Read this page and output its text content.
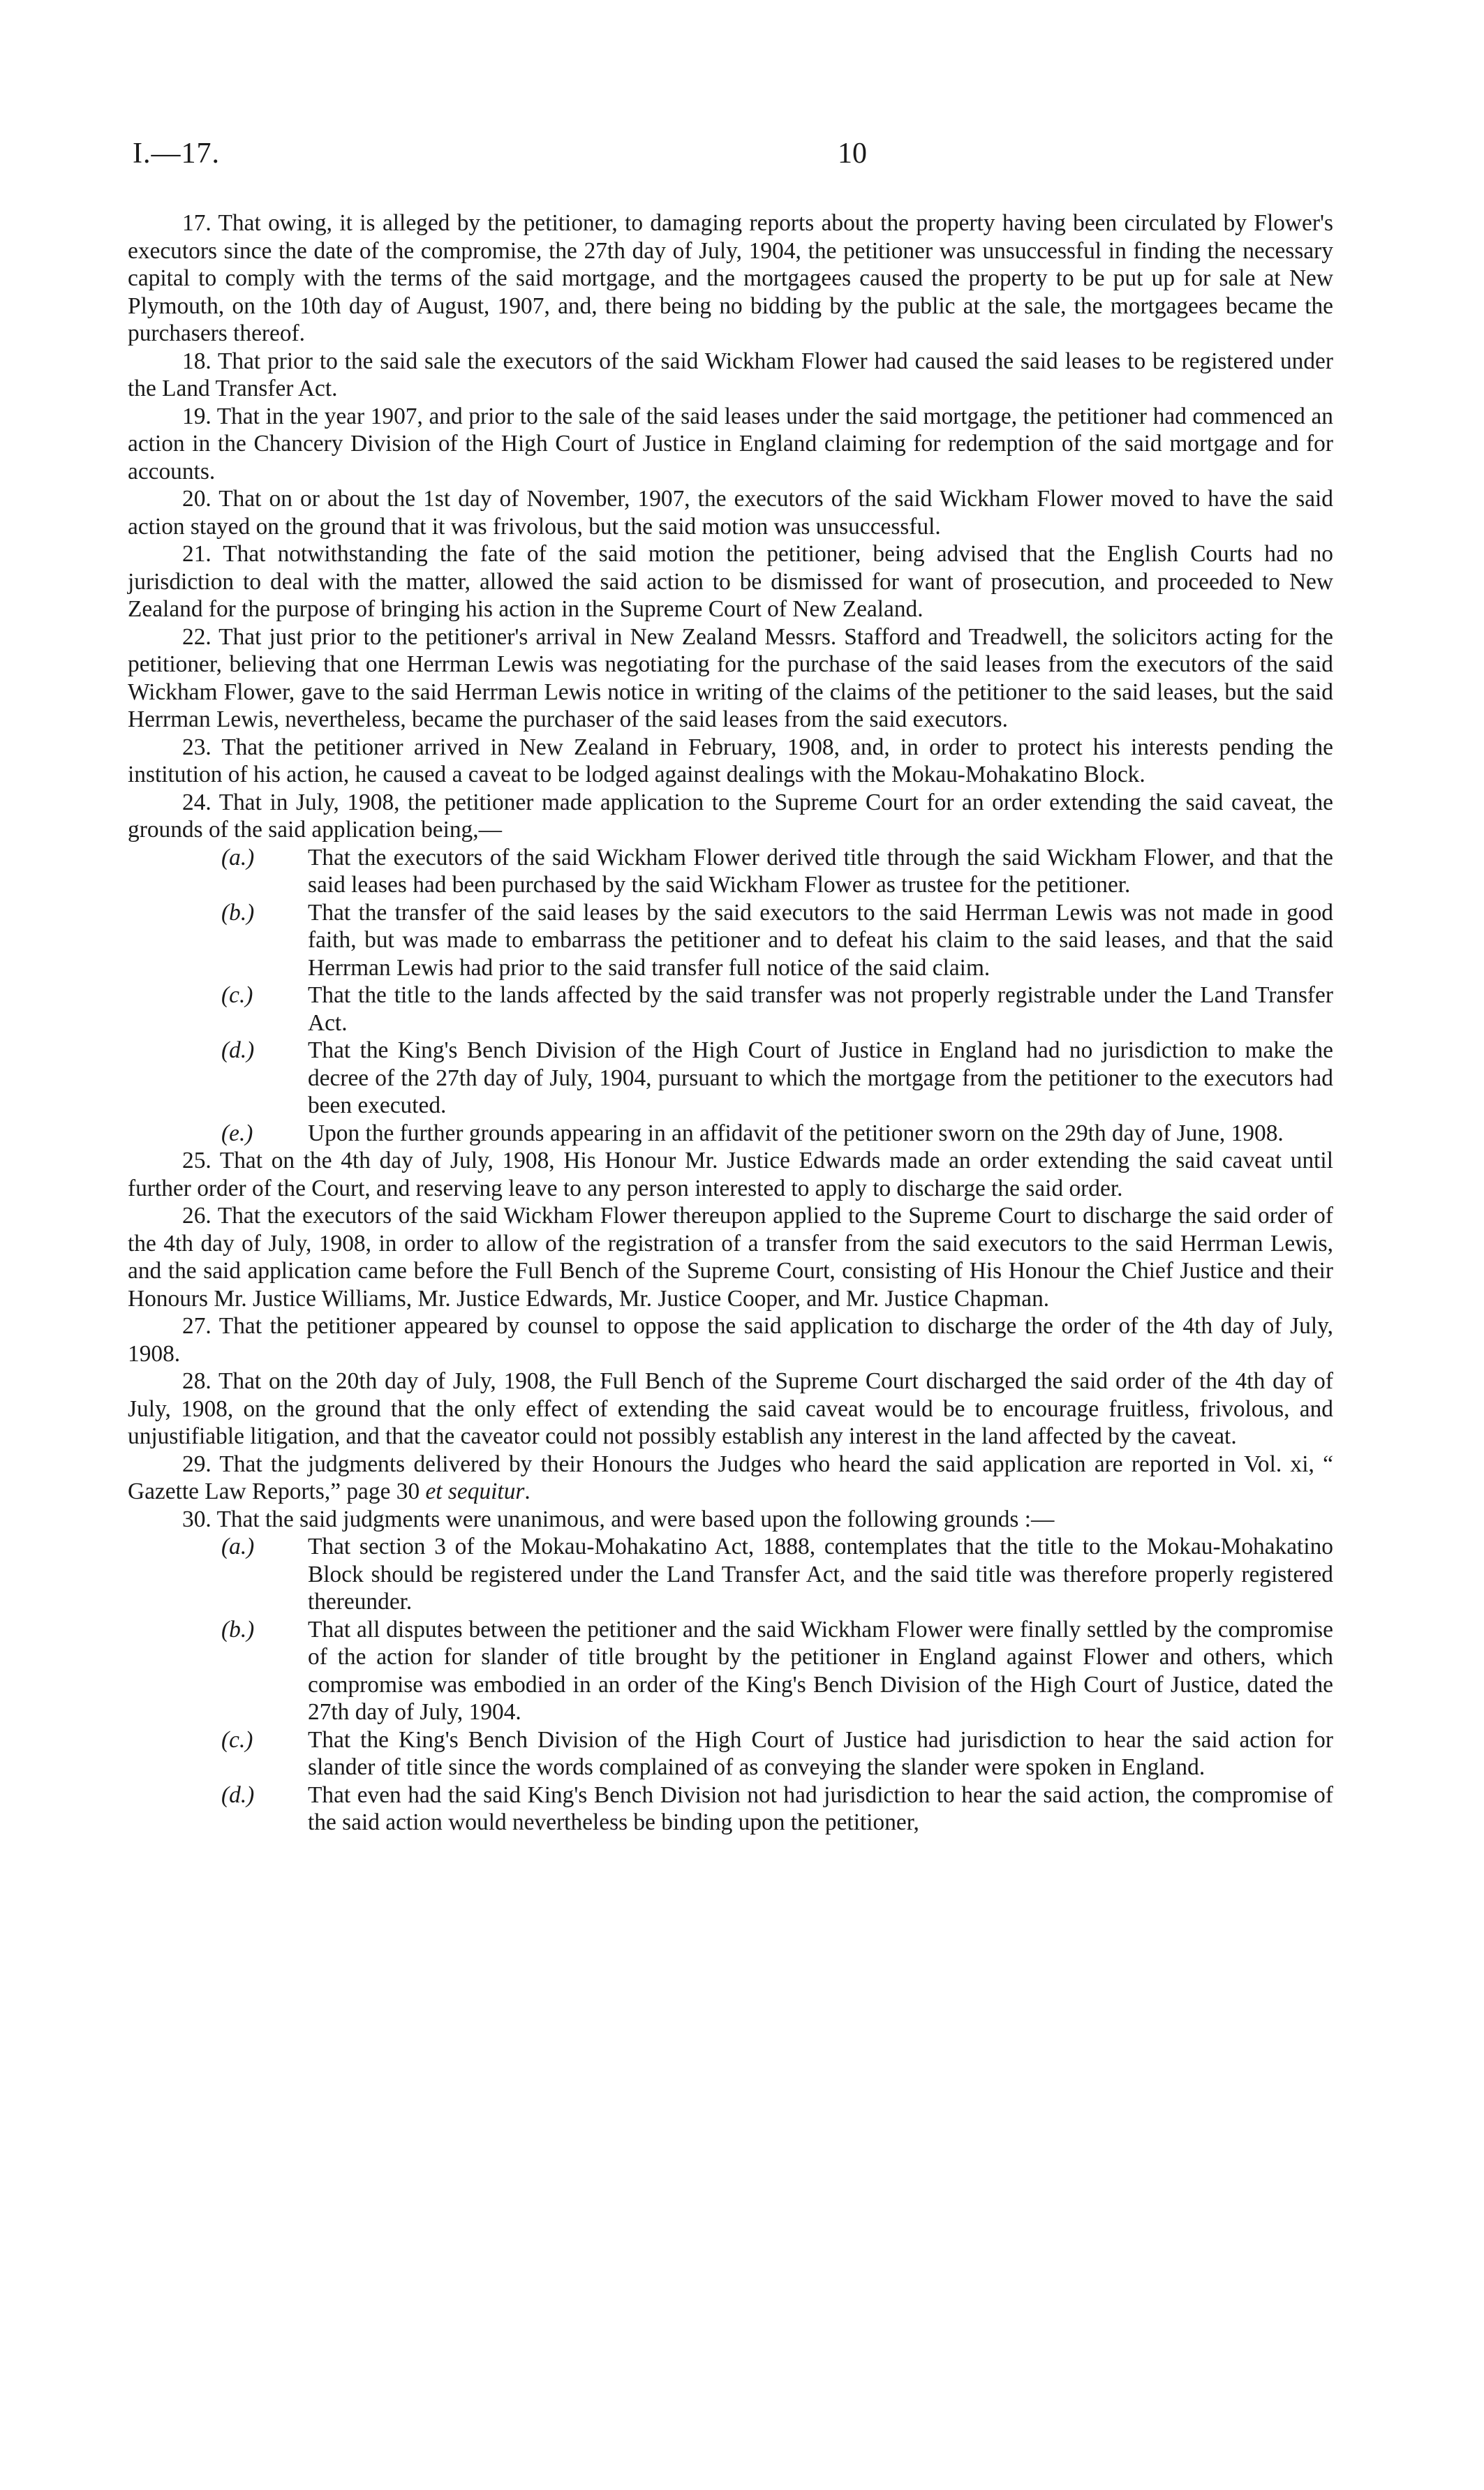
I.—17.	10

17. That owing, it is alleged by the petitioner, to damaging reports about the property having been circulated by Flower's executors since the date of the compromise, the 27th day of July, 1904, the petitioner was unsuccessful in finding the necessary capital to comply with the terms of the said mortgage, and the mortgagees caused the property to be put up for sale at New Plymouth, on the 10th day of August, 1907, and, there being no bidding by the public at the sale, the mortgagees became the purchasers thereof.

18. That prior to the said sale the executors of the said Wickham Flower had caused the said leases to be registered under the Land Transfer Act.

19. That in the year 1907, and prior to the sale of the said leases under the said mortgage, the petitioner had commenced an action in the Chancery Division of the High Court of Justice in England claiming for redemption of the said mortgage and for accounts.

20. That on or about the 1st day of November, 1907, the executors of the said Wickham Flower moved to have the said action stayed on the ground that it was frivolous, but the said motion was unsuccessful.

21. That notwithstanding the fate of the said motion the petitioner, being advised that the English Courts had no jurisdiction to deal with the matter, allowed the said action to be dismissed for want of prosecution, and proceeded to New Zealand for the purpose of bringing his action in the Supreme Court of New Zealand.

22. That just prior to the petitioner's arrival in New Zealand Messrs. Stafford and Treadwell, the solicitors acting for the petitioner, believing that one Herrman Lewis was negotiating for the purchase of the said leases from the executors of the said Wickham Flower, gave to the said Herrman Lewis notice in writing of the claims of the petitioner to the said leases, but the said Herrman Lewis, nevertheless, became the purchaser of the said leases from the said executors.

23. That the petitioner arrived in New Zealand in February, 1908, and, in order to protect his interests pending the institution of his action, he caused a caveat to be lodged against dealings with the Mokau-Mohakatino Block.

24. That in July, 1908, the petitioner made application to the Supreme Court for an order extending the said caveat, the grounds of the said application being,—

(a.) That the executors of the said Wickham Flower derived title through the said Wickham Flower, and that the said leases had been purchased by the said Wickham Flower as trustee for the petitioner.

(b.) That the transfer of the said leases by the said executors to the said Herrman Lewis was not made in good faith, but was made to embarrass the petitioner and to defeat his claim to the said leases, and that the said Herrman Lewis had prior to the said transfer full notice of the said claim.

(c.) That the title to the lands affected by the said transfer was not properly registrable under the Land Transfer Act.

(d.) That the King's Bench Division of the High Court of Justice in England had no jurisdiction to make the decree of the 27th day of July, 1904, pursuant to which the mortgage from the petitioner to the executors had been executed.

(e.) Upon the further grounds appearing in an affidavit of the petitioner sworn on the 29th day of June, 1908.

25. That on the 4th day of July, 1908, His Honour Mr. Justice Edwards made an order extending the said caveat until further order of the Court, and reserving leave to any person interested to apply to discharge the said order.

26. That the executors of the said Wickham Flower thereupon applied to the Supreme Court to discharge the said order of the 4th day of July, 1908, in order to allow of the registration of a transfer from the said executors to the said Herrman Lewis, and the said application came before the Full Bench of the Supreme Court, consisting of His Honour the Chief Justice and their Honours Mr. Justice Williams, Mr. Justice Edwards, Mr. Justice Cooper, and Mr. Justice Chapman.

27. That the petitioner appeared by counsel to oppose the said application to discharge the order of the 4th day of July, 1908.

28. That on the 20th day of July, 1908, the Full Bench of the Supreme Court discharged the said order of the 4th day of July, 1908, on the ground that the only effect of extending the said caveat would be to encourage fruitless, frivolous, and unjustifiable litigation, and that the caveator could not possibly establish any interest in the land affected by the caveat.

29. That the judgments delivered by their Honours the Judges who heard the said application are reported in Vol. xi, “ Gazette Law Reports,” page 30 et sequitur.

30. That the said judgments were unanimous, and were based upon the following grounds :—

(a.) That section 3 of the Mokau-Mohakatino Act, 1888, contemplates that the title to the Mokau-Mohakatino Block should be registered under the Land Transfer Act, and the said title was therefore properly registered thereunder.

(b.) That all disputes between the petitioner and the said Wickham Flower were finally settled by the compromise of the action for slander of title brought by the petitioner in England against Flower and others, which compromise was embodied in an order of the King's Bench Division of the High Court of Justice, dated the 27th day of July, 1904.

(c.) That the King's Bench Division of the High Court of Justice had jurisdiction to hear the said action for slander of title since the words complained of as conveying the slander were spoken in England.

(d.) That even had the said King's Bench Division not had jurisdiction to hear the said action, the compromise of the said action would nevertheless be binding upon the petitioner,
